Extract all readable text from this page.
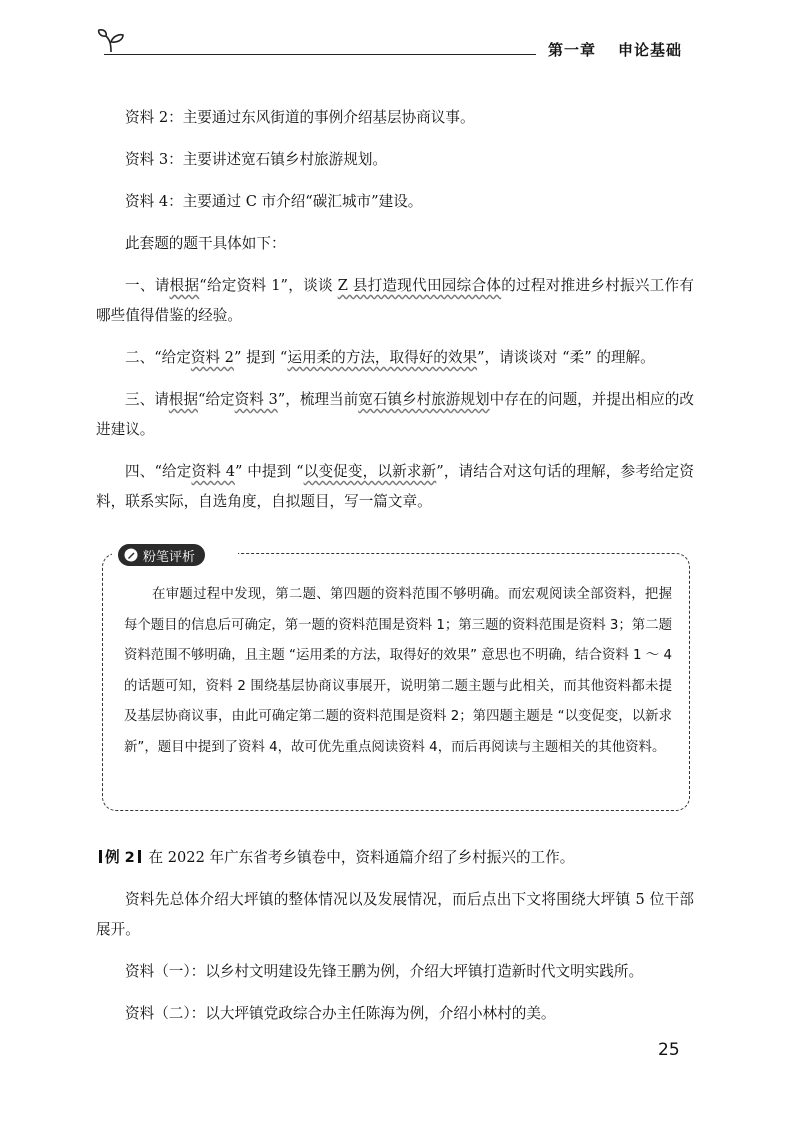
第一章 申论基础

资料 2：主要通过东风街道的事例介绍基层协商议事。

资料 3：主要讲述宽石镇乡村旅游规划。

资料 4：主要通过 C 市介绍“碳汇城市”建设。

此套题的题干具体如下：

一、请根据“给定资料 1”，谈谈 Z 县打造现代田园综合体的过程对推进乡村振兴工作有哪些值得借鉴的经验。

二、“给定资料 2” 提到 “运用柔的方法，取得好的效果”，请谈谈对 “柔” 的理解。

三、请根据“给定资料 3”，梳理当前宽石镇乡村旅游规划中存在的问题，并提出相应的改进建议。

四、“给定资料 4” 中提到 “以变促变，以新求新”，请结合对这句话的理解，参考给定资料，联系实际，自选角度，自拟题目，写一篇文章。

粉笔评析

在审题过程中发现，第二题、第四题的资料范围不够明确。而宏观阅读全部资料，把握每个题目的信息后可确定，第一题的资料范围是资料 1；第三题的资料范围是资料 3；第二题资料范围不够明确，且主题 “运用柔的方法，取得好的效果” 意思也不明确，结合资料 1 ～ 4 的话题可知，资料 2 围绕基层协商议事展开，说明第二题主题与此相关，而其他资料都未提及基层协商议事，由此可确定第二题的资料范围是资料 2；第四题主题是 “以变促变，以新求新”，题目中提到了资料 4，故可优先重点阅读资料 4，而后再阅读与主题相关的其他资料。

例 2 在 2022 年广东省考乡镇卷中，资料通篇介绍了乡村振兴的工作。

资料先总体介绍大坪镇的整体情况以及发展情况，而后点出下文将围绕大坪镇 5 位干部展开。

资料（一）：以乡村文明建设先锋王鹏为例，介绍大坪镇打造新时代文明实践所。

资料（二）：以大坪镇党政综合办主任陈海为例，介绍小林村的美。

25
